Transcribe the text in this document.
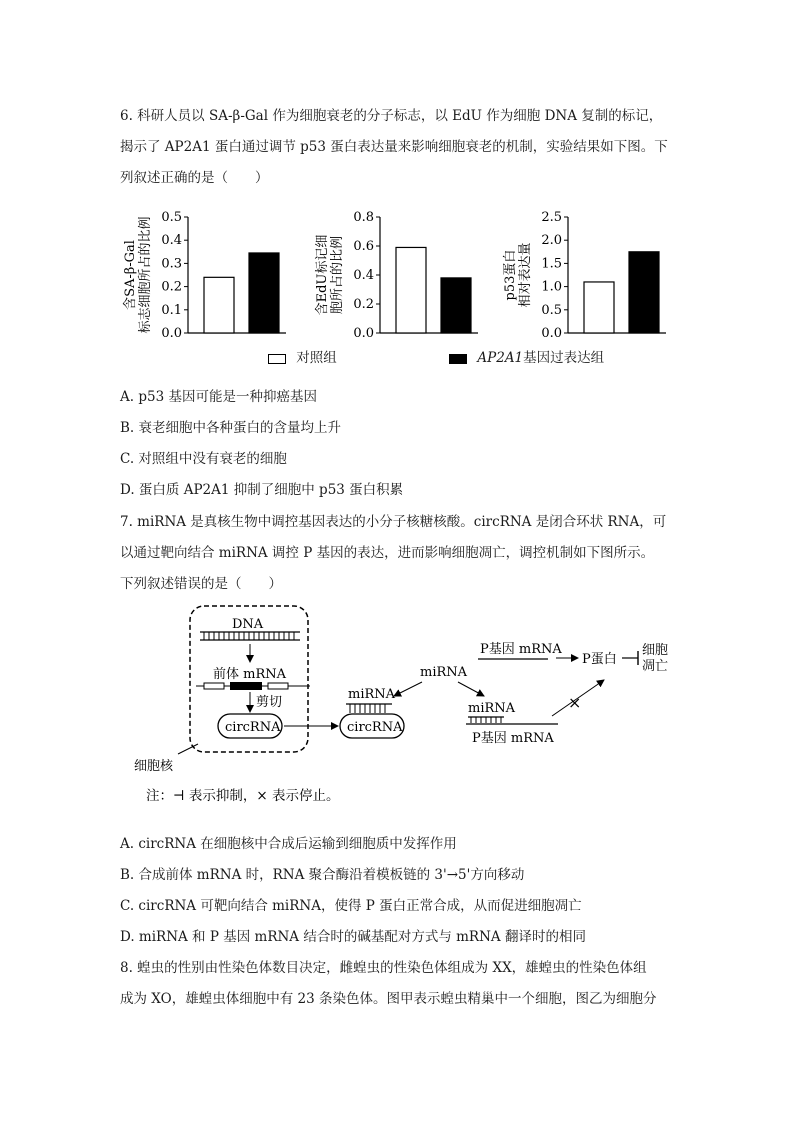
6. 科研人员以 SA-β-Gal 作为细胞衰老的分子标志，以 EdU 作为细胞 DNA 复制的标记，
揭示了 AP2A1 蛋白通过调节 p53 蛋白表达量来影响细胞衰老的机制，实验结果如下图。下
列叙述正确的是（　　）
含SA-β-Gal 标志细胞所占的比例 0.5
0.4
0.3
0.2
0.1
0.0
含EdU标记细 胞所占的比例
0.8
0.6
0.4
0.2
0.0
p53蛋白 相对表达量
2.5
2.0
1.5
1.0
0.5
0.0
对照组	AP2A1基因过表达组
A. p53 基因可能是一种抑癌基因
B. 衰老细胞中各种蛋白的含量均上升
C. 对照组中没有衰老的细胞
D. 蛋白质 AP2A1 抑制了细胞中 p53 蛋白积累
7. miRNA 是真核生物中调控基因表达的小分子核糖核酸。circRNA 是闭合环状 RNA，可
以通过靶向结合 miRNA 调控 P 基因的表达，进而影响细胞凋亡，调控机制如下图所示。
下列叙述错误的是（　　）
细胞核
DNA
前体 mRNA
剪切
circRNA
miRNA
circRNA
miRNA
miRNA
P基因 mRNA
×
P基因 mRNA
P蛋白
细胞
凋亡
注：⊣ 表示抑制，× 表示停止。
A. circRNA 在细胞核中合成后运输到细胞质中发挥作用
B. 合成前体 mRNA 时，RNA 聚合酶沿着模板链的 3'→5'方向移动
C. circRNA 可靶向结合 miRNA，使得 P 蛋白正常合成，从而促进细胞凋亡
D. miRNA 和 P 基因 mRNA 结合时的碱基配对方式与 mRNA 翻译时的相同
8. 蝗虫的性别由性染色体数目决定，雌蝗虫的性染色体组成为 XX，雄蝗虫的性染色体组
成为 XO，雄蝗虫体细胞中有 23 条染色体。图甲表示蝗虫精巢中一个细胞，图乙为细胞分
